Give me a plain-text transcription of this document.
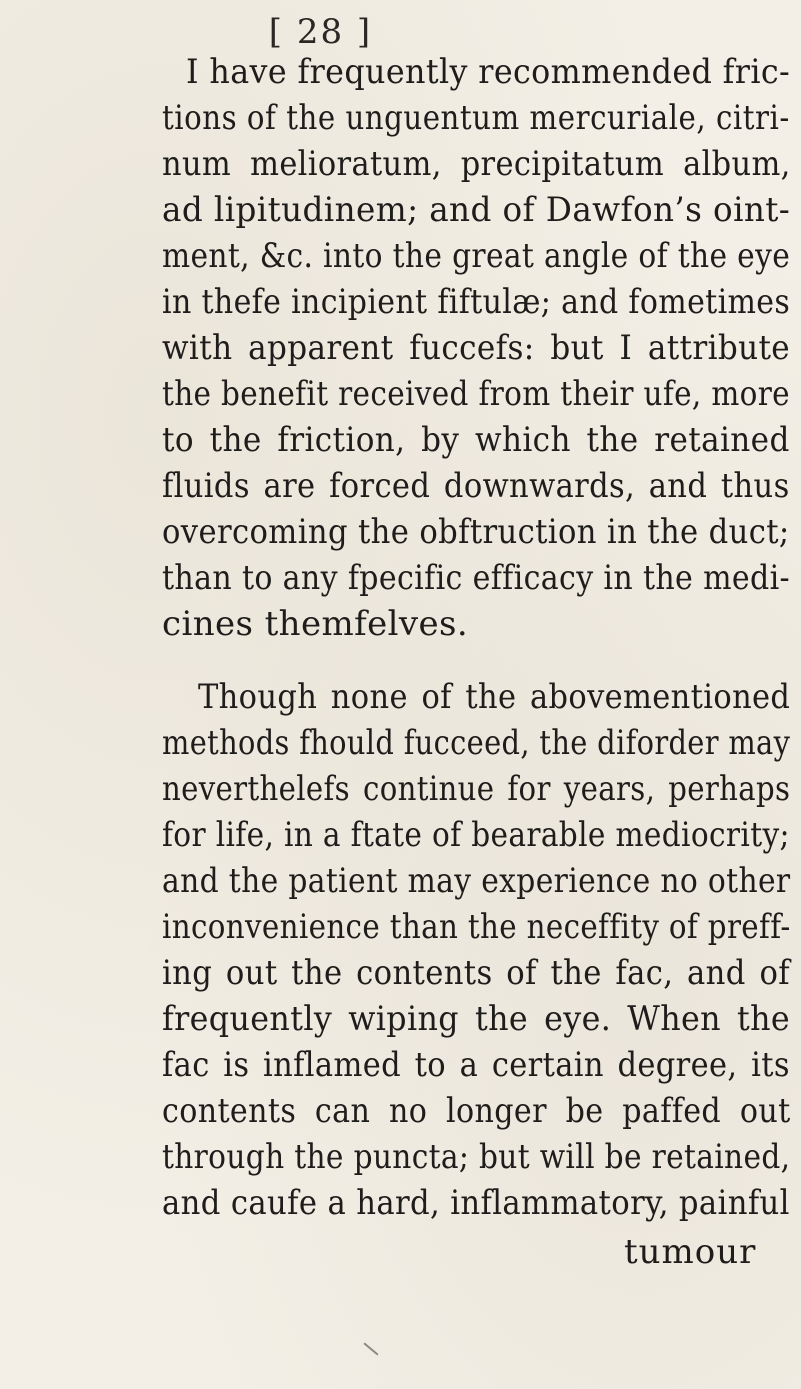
[ 28 ]
I have frequently recommended fric-
tions of the unguentum mercuriale, citri-
num melioratum, precipitatum album,
ad lipitudinem; and of Dawfon’s oint-
ment, &c. into the great angle of the eye
in thefe incipient fiftulæ; and fometimes
with apparent fuccefs: but I attribute
the benefit received from their ufe, more
to the friction, by which the retained
fluids are forced downwards, and thus
overcoming the obftruction in the duct;
than to any fpecific efficacy in the medi-
cines themfelves.
Though none of the abovementioned
methods fhould fucceed, the diforder may
neverthelefs continue for years, perhaps
for life, in a ftate of bearable mediocrity;
and the patient may experience no other
inconvenience than the neceffity of preff-
ing out the contents of the fac, and of
frequently wiping the eye. When the
fac is inflamed to a certain degree, its
contents can no longer be paffed out
through the puncta; but will be retained,
and caufe a hard, inflammatory, painful
tumour
